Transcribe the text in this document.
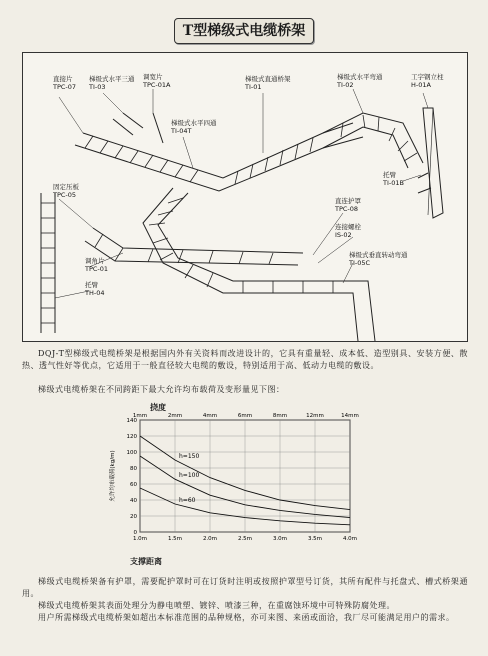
T型梯级式电缆桥架
直接片
TPC-07
梯级式水平三通
TI-03
调宽片
TPC-01A
梯级式直通桥架
TI-01
梯级式水平弯通
TI-02
工字钢立柱
H-01A
梯级式水平四通
TI-04T
托臂
TI-01B
固定压板
TPC-05
直连护罩
TPC-08
连接螺栓
IS-02
梯级式垂直转动弯通
TI-05C
调角片
TPC-01
托臂
TH-04
DQJ-T型梯级式电缆桥架是根据国内外有关资料而改进设计的，它具有重量轻、成本低、造型别具、安装方便、散热、透气性好等优点，它适用于一般直径较大电缆的敷设，特别适用于高、低动力电缆的敷设。
梯级式电缆桥架在不同跨距下最大允许均布载荷及变形量见下图：
挠度
0
20
40
60
80
100
120
140
1.0m
1mm
1.5m
2mm
2.0m
4mm
2.5m
6mm
3.0m
8mm
3.5m
12mm
4.0m
14mm
h=150
h=100
h=60
允许均布载荷(kg/m)
支撑距离

梯级式电缆桥架备有护罩，需要配护罩时可在订货时注明或按照护罩型号订货，其所有配件与托盘式、槽式桥架通用。

梯级式电缆桥架其表面处理分为静电喷塑、镀锌、喷漆三种，在重腐蚀环境中可特殊防腐处理。

用户所需梯级式电缆桥架如超出本标准范围的品种规格，亦可来图、来函或面洽，我厂尽可能满足用户的需求。
